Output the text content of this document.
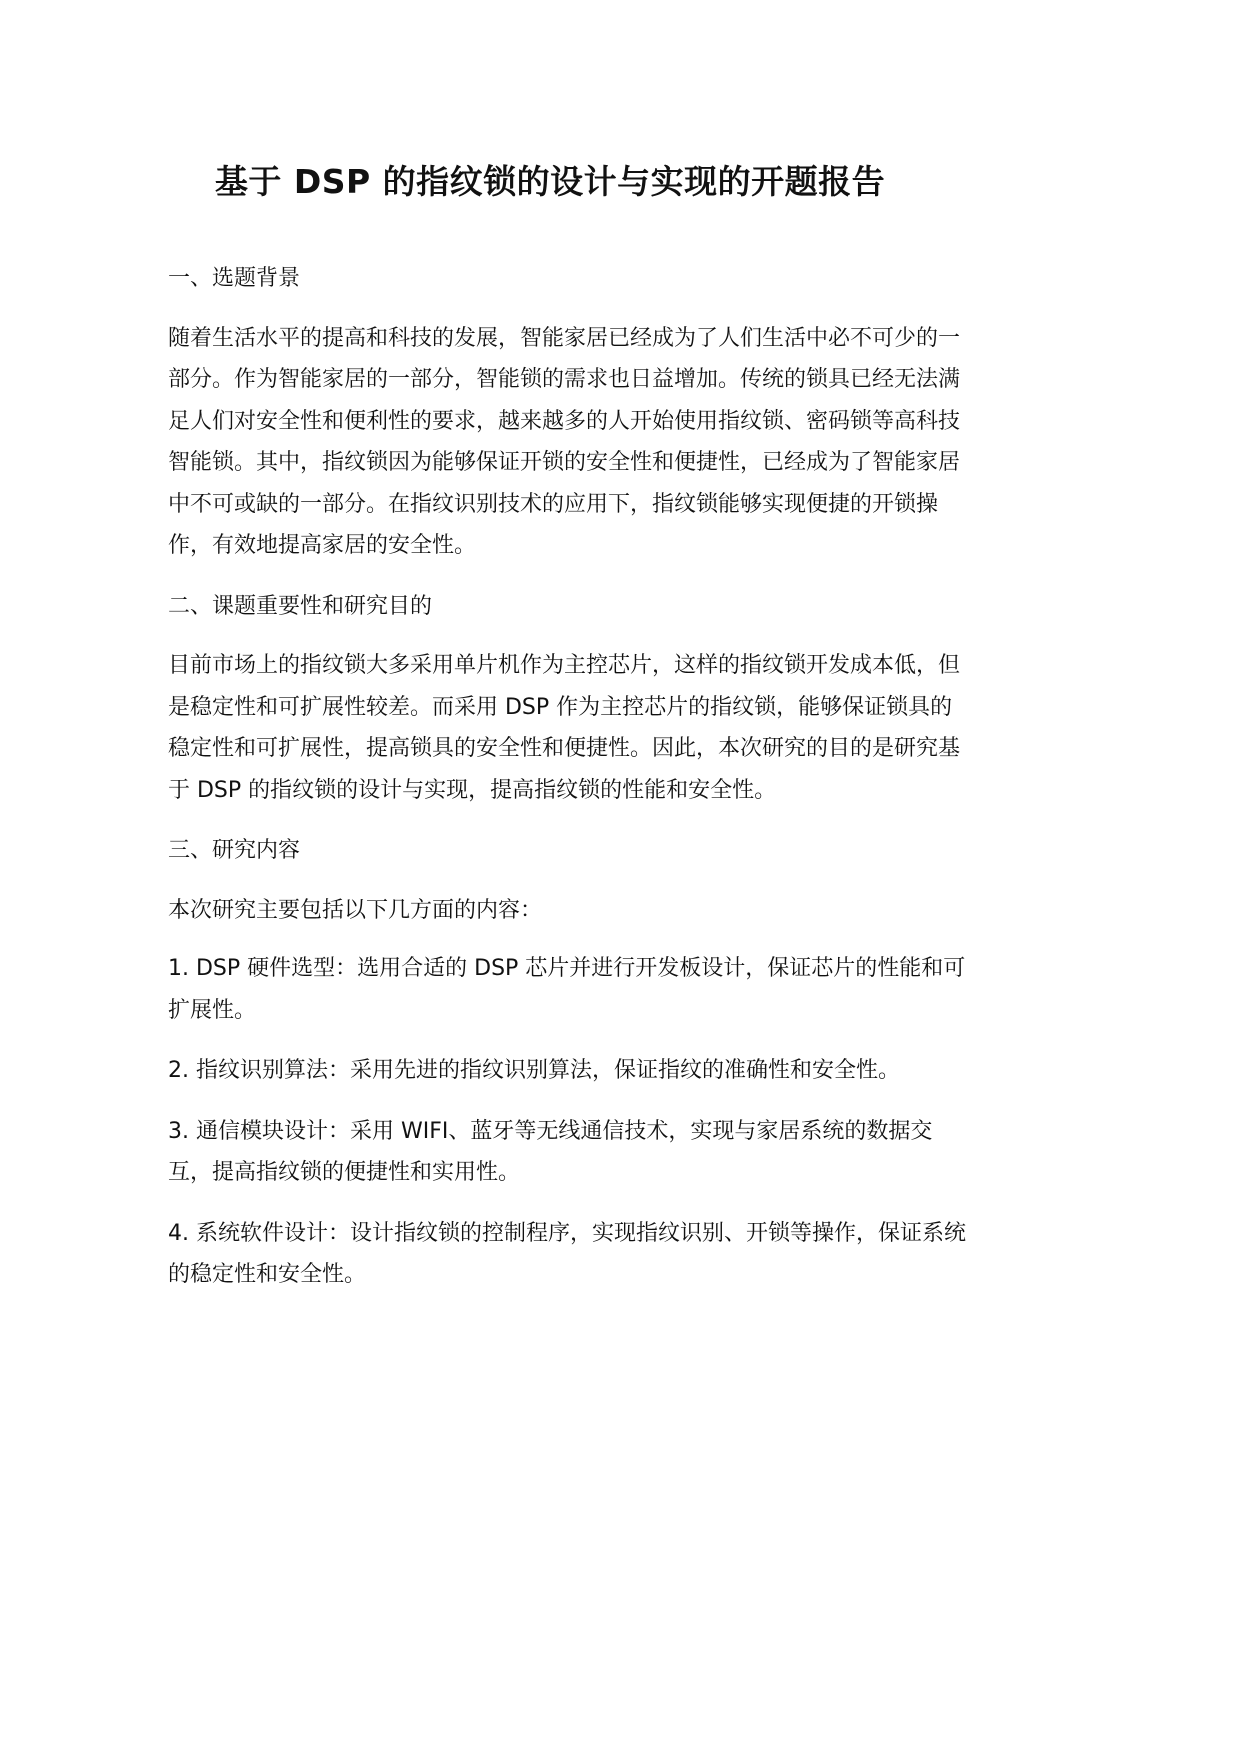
基于 DSP 的指纹锁的设计与实现的开题报告

一、选题背景

随着生活水平的提高和科技的发展，智能家居已经成为了人们生活中必不可少的一部分。作为智能家居的一部分，智能锁的需求也日益增加。传统的锁具已经无法满足人们对安全性和便利性的要求，越来越多的人开始使用指纹锁、密码锁等高科技智能锁。其中，指纹锁因为能够保证开锁的安全性和便捷性，已经成为了智能家居中不可或缺的一部分。在指纹识别技术的应用下，指纹锁能够实现便捷的开锁操作，有效地提高家居的安全性。

二、课题重要性和研究目的

目前市场上的指纹锁大多采用单片机作为主控芯片，这样的指纹锁开发成本低，但是稳定性和可扩展性较差。而采用 DSP 作为主控芯片的指纹锁，能够保证锁具的稳定性和可扩展性，提高锁具的安全性和便捷性。因此，本次研究的目的是研究基于 DSP 的指纹锁的设计与实现，提高指纹锁的性能和安全性。

三、研究内容

本次研究主要包括以下几方面的内容：

1. DSP 硬件选型：选用合适的 DSP 芯片并进行开发板设计，保证芯片的性能和可扩展性。

2. 指纹识别算法：采用先进的指纹识别算法，保证指纹的准确性和安全性。

3. 通信模块设计：采用 WIFI、蓝牙等无线通信技术，实现与家居系统的数据交互，提高指纹锁的便捷性和实用性。

4. 系统软件设计：设计指纹锁的控制程序，实现指纹识别、开锁等操作，保证系统的稳定性和安全性。
